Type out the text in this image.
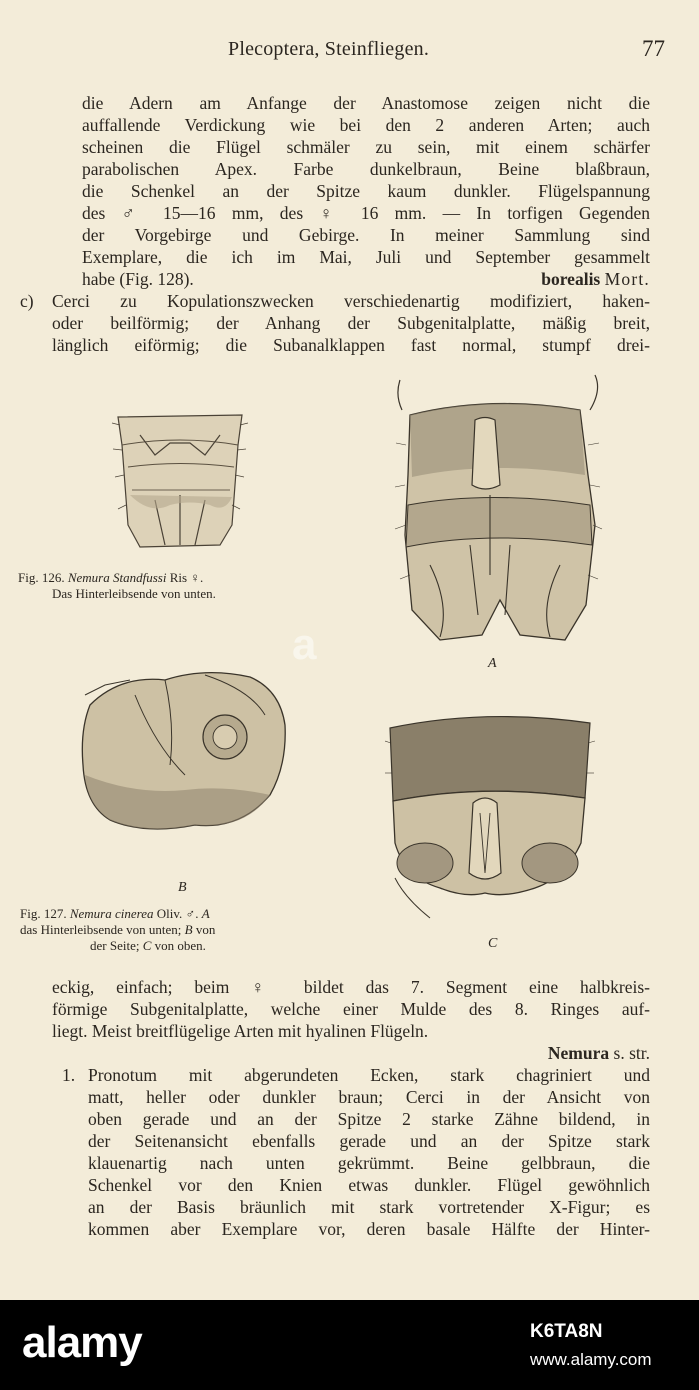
Plecoptera, Steinfliegen.	77
die Adern am Anfange der Anastomose zeigen nicht die
auffallende Verdickung wie bei den 2 anderen Arten; auch
scheinen die Flügel schmäler zu sein, mit einem schärfer
parabolischen Apex. Farbe dunkelbraun, Beine blaßbraun,
die Schenkel an der Spitze kaum dunkler. Flügelspannung
des ♂ 15—16 mm, des ♀ 16 mm. — In torfigen Gegenden
der Vorgebirge und Gebirge. In meiner Sammlung sind
Exemplare, die ich im Mai, Juli und September gesammelt
habe (Fig. 128).	borealis Mort.
c) Cerci zu Kopulationszwecken verschiedenartig modifiziert, haken-
oder beilförmig; der Anhang der Subgenitalplatte, mäßig breit,
länglich eiförmig; die Subanalklappen fast normal, stumpf drei-
Fig. 126. Nemura Standfussi Ris ♀.
Das Hinterleibsende von unten.
A
B
C
Fig. 127. Nemura cinerea Oliv. ♂. A
das Hinterleibsende von unten; B von
der Seite; C von oben.
eckig, einfach; beim ♀ bildet das 7. Segment eine halbkreis-
förmige Subgenitalplatte, welche einer Mulde des 8. Ringes auf-
liegt. Meist breitflügelige Arten mit hyalinen Flügeln.
Nemura s. str.
1. Pronotum mit abgerundeten Ecken, stark chagriniert und
matt, heller oder dunkler braun; Cerci in der Ansicht von
oben gerade und an der Spitze 2 starke Zähne bildend, in
der Seitenansicht ebenfalls gerade und an der Spitze stark
klauenartig nach unten gekrümmt. Beine gelbbraun, die
Schenkel vor den Knien etwas dunkler. Flügel gewöhnlich
an der Basis bräunlich mit stark vortretender X-Figur; es
kommen aber Exemplare vor, deren basale Hälfte der Hinter-
a
alamy	K6TA8N
www.alamy.com
